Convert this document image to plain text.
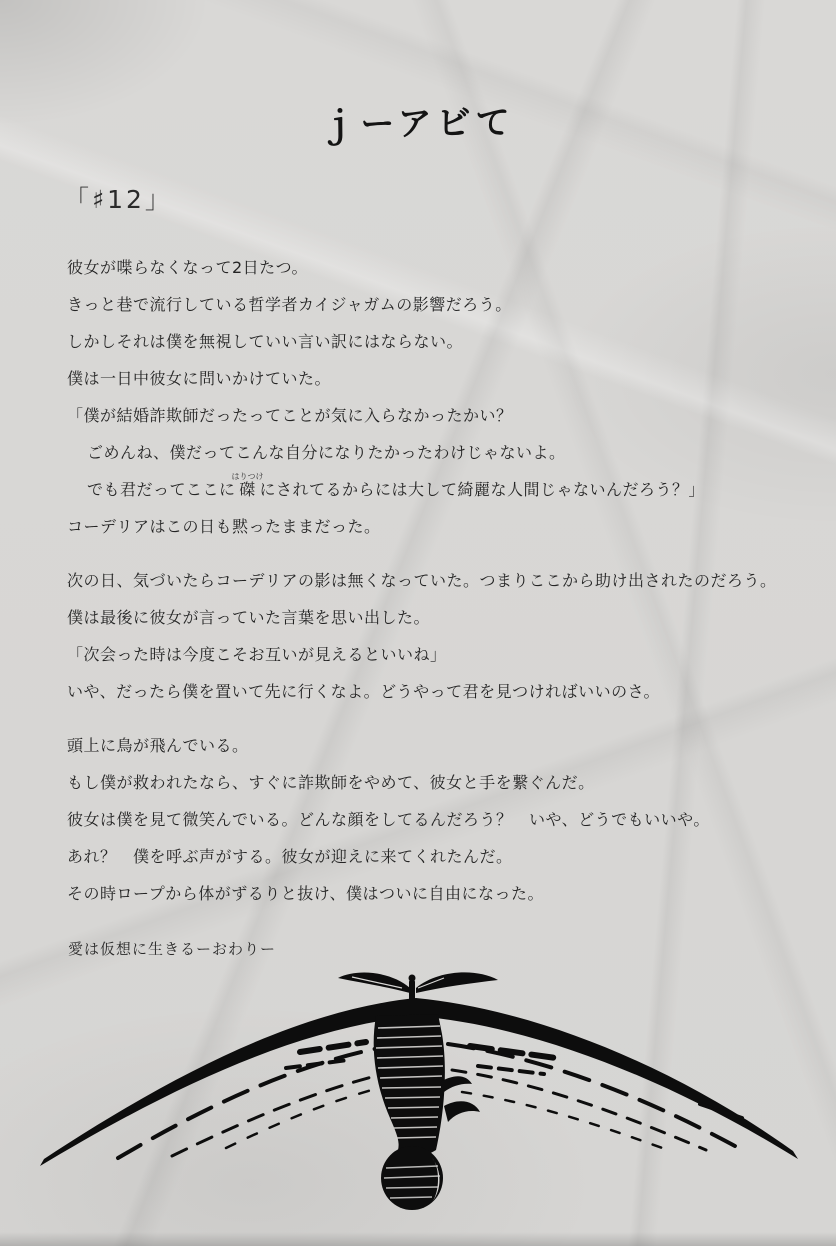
ｊーアビて
「♯12」
彼女が喋らなくなって2日たつ。
きっと巷で流行している哲学者カイジャガムの影響だろう。
しかしそれは僕を無視していい言い訳にはならない。
僕は一日中彼女に問いかけていた。
「僕が結婚詐欺師だったってことが気に入らなかったかい？
ごめんね、僕だってこんな自分になりたかったわけじゃないよ。
でも君だってここに磔はりつけにされてるからには大して綺麗な人間じゃないんだろう？」
コーデリアはこの日も黙ったままだった。
次の日、気づいたらコーデリアの影は無くなっていた。つまりここから助け出されたのだろう。
僕は最後に彼女が言っていた言葉を思い出した。
「次会った時は今度こそお互いが見えるといいね」
いや、だったら僕を置いて先に行くなよ。どうやって君を見つければいいのさ。
頭上に鳥が飛んでいる。
もし僕が救われたなら、すぐに詐欺師をやめて、彼女と手を繋ぐんだ。
彼女は僕を見て微笑んでいる。どんな顔をしてるんだろう？　いや、どうでもいいや。
あれ？　僕を呼ぶ声がする。彼女が迎えに来てくれたんだ。
その時ロープから体がずるりと抜け、僕はついに自由になった。
愛は仮想に生きるーおわりー
